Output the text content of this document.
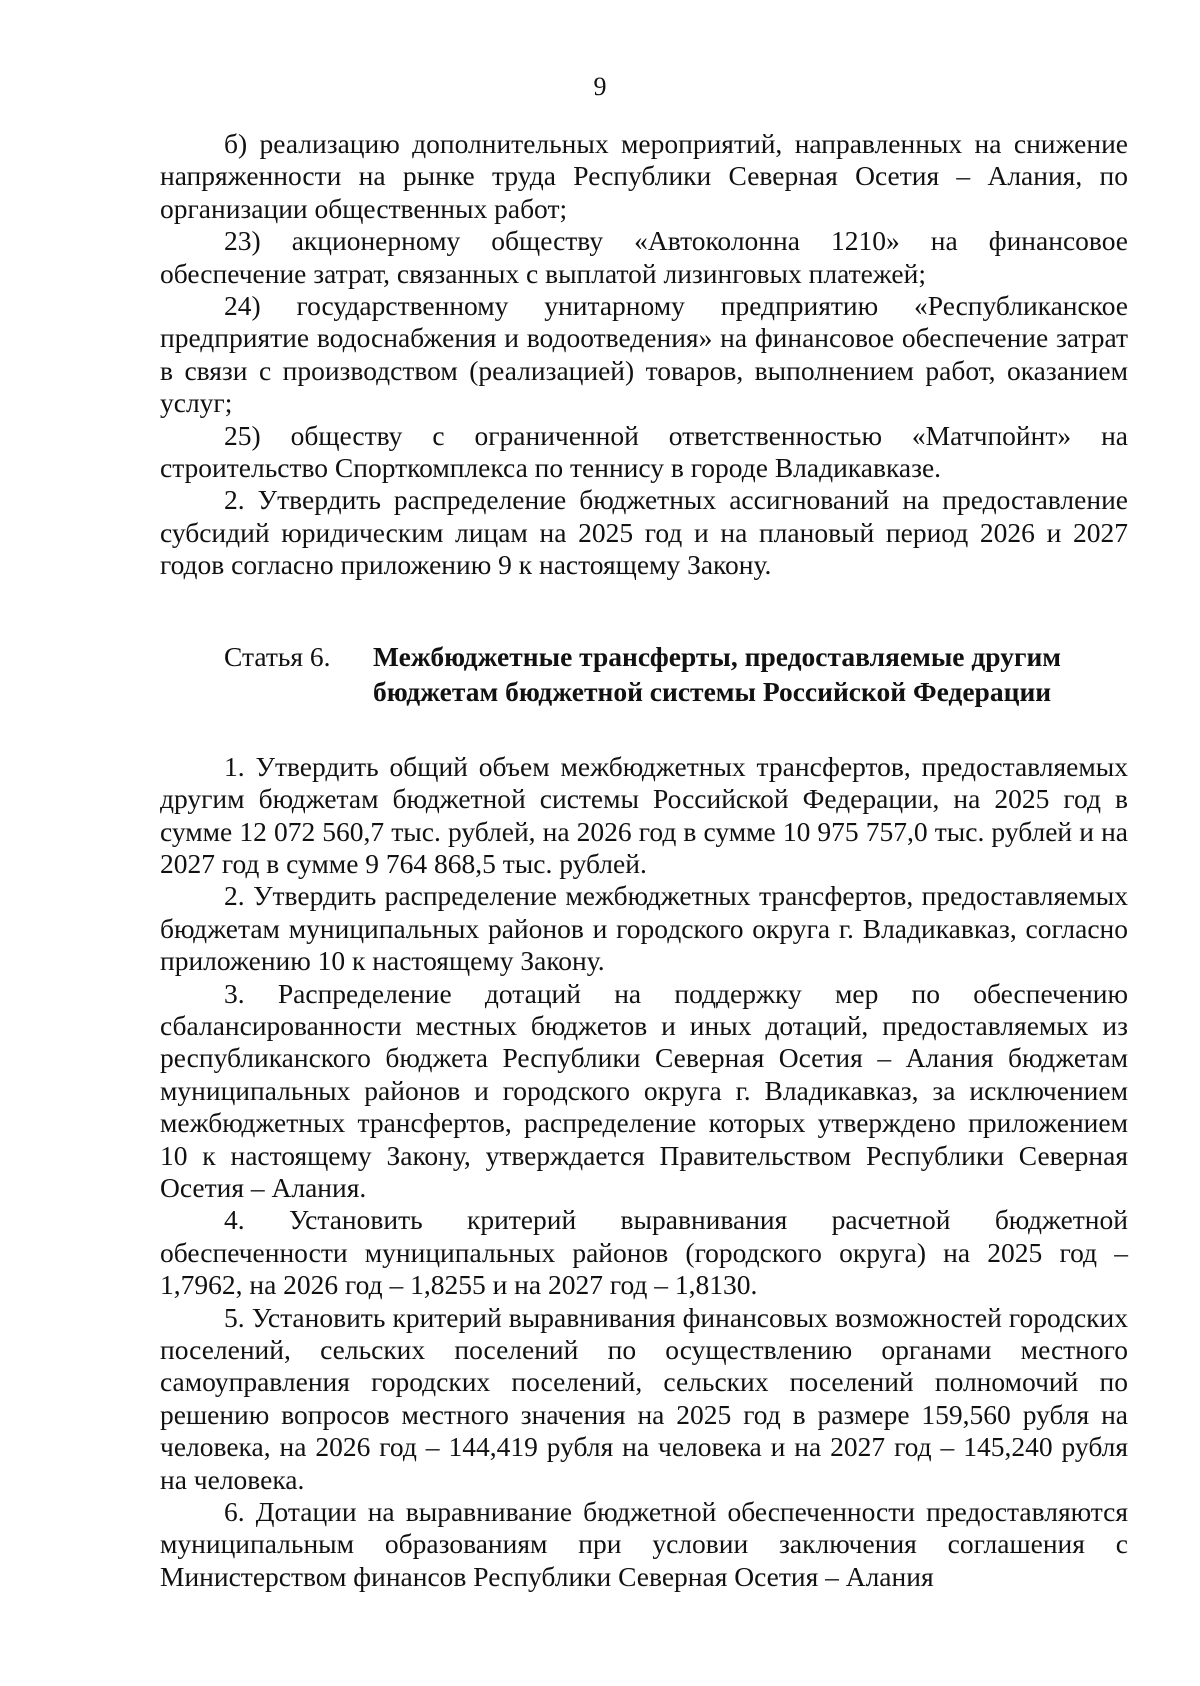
9

б) реализацию дополнительных мероприятий, направленных на снижение напряженности на рынке труда Республики Северная Осетия – Алания, по организации общественных работ;

23) акционерному обществу «Автоколонна 1210» на финансовое обеспечение затрат, связанных с выплатой лизинговых платежей;

24) государственному унитарному предприятию «Республиканское предприятие водоснабжения и водоотведения» на финансовое обеспечение затрат в связи с производством (реализацией) товаров, выполнением работ, оказанием услуг;

25) обществу с ограниченной ответственностью «Матчпойнт» на строительство Спорткомплекса по теннису в городе Владикавказе.

2. Утвердить распределение бюджетных ассигнований на предоставление субсидий юридическим лицам на 2025 год и на плановый период 2026 и 2027 годов согласно приложению 9 к настоящему Закону.

Статья 6. Межбюджетные трансферты, предоставляемые другим бюджетам бюджетной системы Российской Федерации

1. Утвердить общий объем межбюджетных трансфертов, предоставляемых другим бюджетам бюджетной системы Российской Федерации, на 2025 год в сумме 12 072 560,7 тыс. рублей, на 2026 год в сумме 10 975 757,0 тыс. рублей и на 2027 год в сумме 9 764 868,5 тыс. рублей.

2. Утвердить распределение межбюджетных трансфертов, предоставляемых бюджетам муниципальных районов и городского округа г. Владикавказ, согласно приложению 10 к настоящему Закону.

3. Распределение дотаций на поддержку мер по обеспечению сбалансированности местных бюджетов и иных дотаций, предоставляемых из республиканского бюджета Республики Северная Осетия – Алания бюджетам муниципальных районов и городского округа г. Владикавказ, за исключением межбюджетных трансфертов, распределение которых утверждено приложением 10 к настоящему Закону, утверждается Правительством Республики Северная Осетия – Алания.

4. Установить критерий выравнивания расчетной бюджетной обеспеченности муниципальных районов (городского округа) на 2025 год – 1,7962, на 2026 год – 1,8255 и на 2027 год – 1,8130.

5. Установить критерий выравнивания финансовых возможностей городских поселений, сельских поселений по осуществлению органами местного самоуправления городских поселений, сельских поселений полномочий по решению вопросов местного значения на 2025 год в размере 159,560 рубля на человека, на 2026 год – 144,419 рубля на человека и на 2027 год – 145,240 рубля на человека.

6. Дотации на выравнивание бюджетной обеспеченности предоставляются муниципальным образованиям при условии заключения соглашения с Министерством финансов Республики Северная Осетия – Алания
